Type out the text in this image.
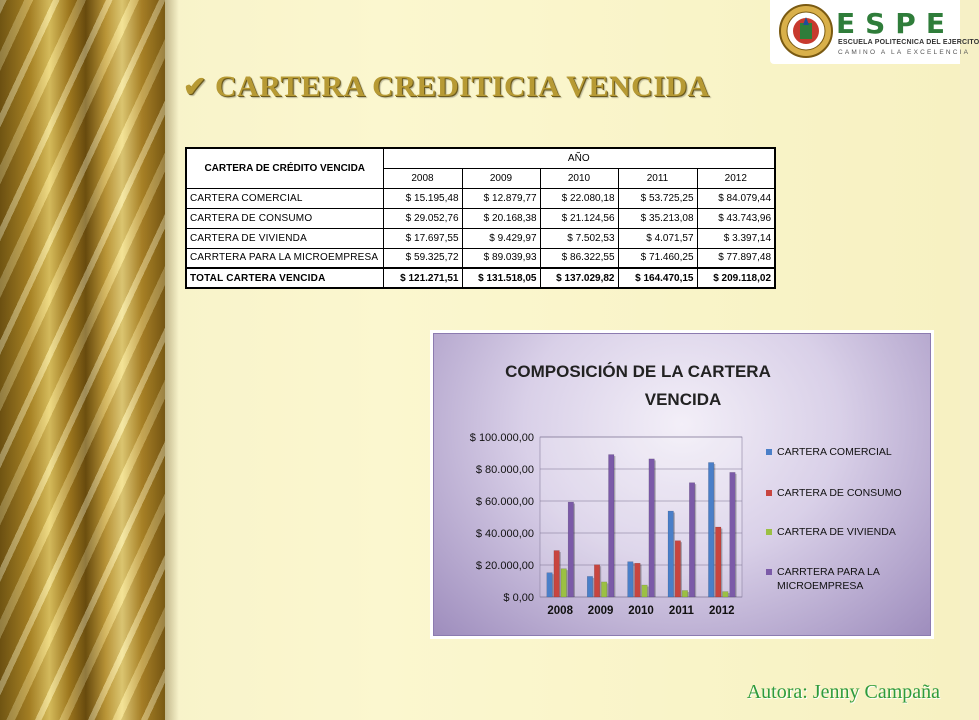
ESPE
ESCUELA POLITECNICA DEL EJERCITO
CAMINO A LA EXCELENCIA
✔ CARTERA CREDITICIA VENCIDA
CARTERA DE CRÉDITO VENCIDA	AÑO				
	2008	2009	2010	2011	2012
CARTERA COMERCIAL	$ 15.195,48	$ 12.879,77	$ 22.080,18	$ 53.725,25	$ 84.079,44
CARTERA DE CONSUMO	$ 29.052,76	$ 20.168,38	$ 21.124,56	$ 35.213,08	$ 43.743,96
CARTERA DE VIVIENDA	$ 17.697,55	$ 9.429,97	$ 7.502,53	$ 4.071,57	$ 3.397,14
CARRTERA PARA LA MICROEMPRESA	$ 59.325,72	$ 89.039,93	$ 86.322,55	$ 71.460,25	$ 77.897,48
TOTAL CARTERA VENCIDA	$ 121.271,51	$ 131.518,05	$ 137.029,82	$ 164.470,15	$ 209.118,02
COMPOSICIÓN DE LA CARTERA
VENCIDA
$ 0,00
$ 20.000,00
$ 40.000,00
$ 60.000,00
$ 80.000,00
$ 100.000,00
2008 2009 2010 2011 2012
CARTERA COMERCIAL
CARTERA DE CONSUMO
CARTERA DE VIVIENDA
CARRTERA PARA LA
MICROEMPRESA
Autora: Jenny Campaña
